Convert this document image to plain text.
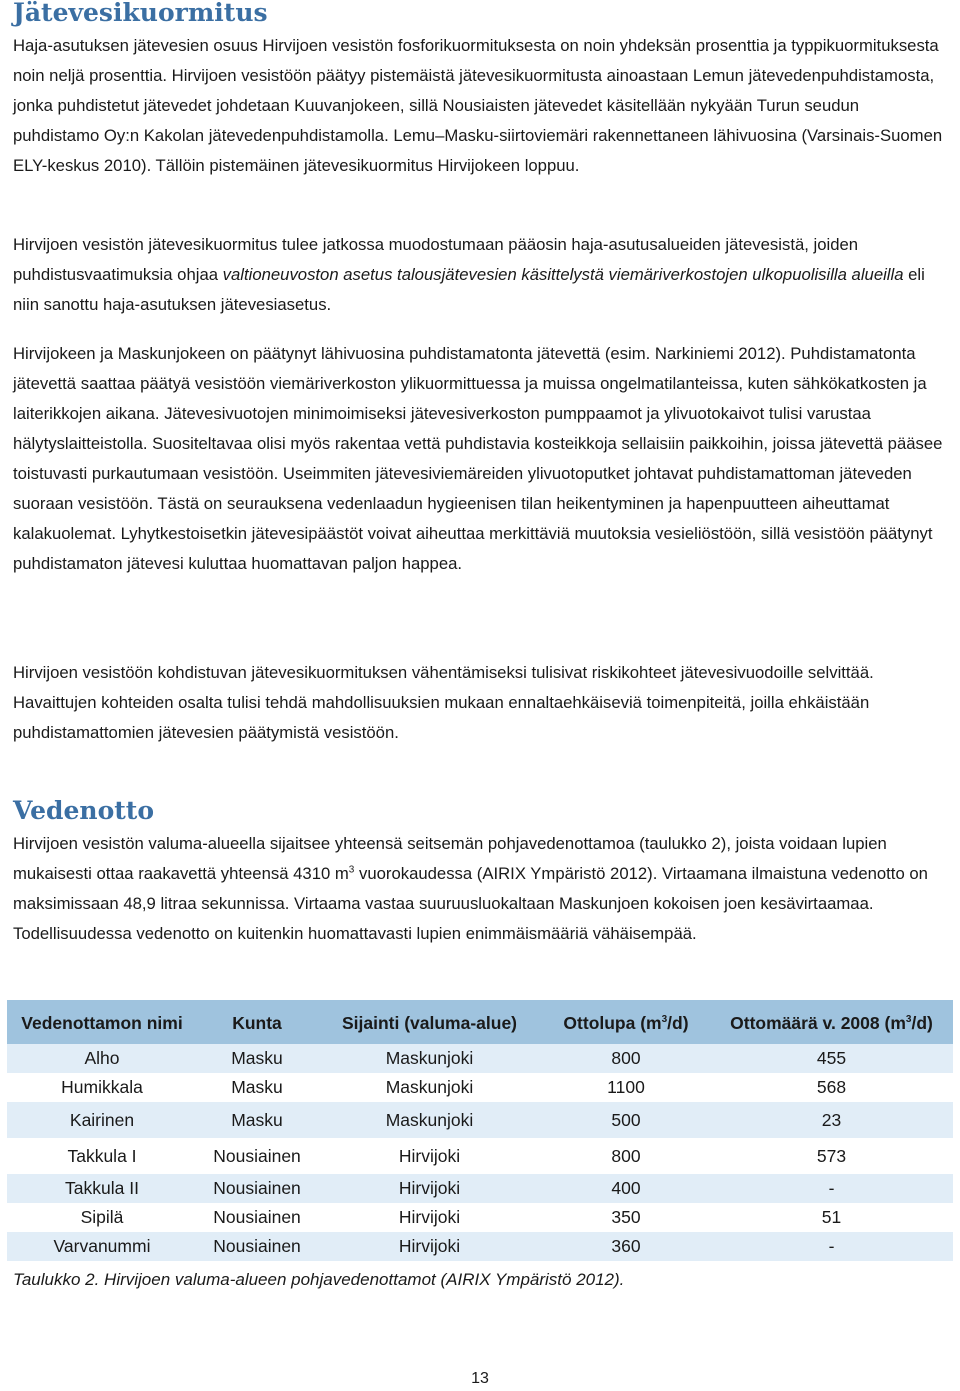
Jätevesikuormitus

Haja-asutuksen jätevesien osuus Hirvijoen vesistön fosforikuormituksesta on noin yhdeksän prosenttia ja typpikuormituksesta noin neljä prosenttia. Hirvijoen vesistöön päätyy pistemäistä jätevesikuormitusta ainoastaan Lemun jätevedenpuhdistamosta, jonka puhdistetut jätevedet johdetaan Kuuvanjokeen, sillä Nousiaisten jätevedet käsitellään nykyään Turun seudun puhdistamo Oy:n Kakolan jätevedenpuhdistamolla. Lemu–Masku-siirtoviemäri rakennettaneen lähivuosina (Varsinais-Suomen ELY-keskus 2010). Tällöin pistemäinen jätevesikuormitus Hirvijokeen loppuu.

Hirvijoen vesistön jätevesikuormitus tulee jatkossa muodostumaan pääosin haja-asutusalueiden jätevesistä, joiden puhdistusvaatimuksia ohjaa valtioneuvoston asetus talousjätevesien käsittelystä viemäriverkostojen ulkopuolisilla alueilla eli niin sanottu haja-asutuksen jätevesiasetus.

Hirvijokeen ja Maskunjokeen on päätynyt lähivuosina puhdistamatonta jätevettä (esim. Narkiniemi 2012). Puhdistamatonta jätevettä saattaa päätyä vesistöön viemäriverkoston ylikuormittuessa ja muissa ongelmatilanteissa, kuten sähkökatkosten ja laiterikkojen aikana. Jätevesivuotojen minimoimiseksi jätevesiverkoston pumppaamot ja ylivuotokaivot tulisi varustaa hälytyslaitteistolla. Suositeltavaa olisi myös rakentaa vettä puhdistavia kosteikkoja sellaisiin paikkoihin, joissa jätevettä pääsee toistuvasti purkautumaan vesistöön. Useimmiten jätevesiviemäreiden ylivuotoputket johtavat puhdistamattoman jäteveden suoraan vesistöön. Tästä on seurauksena vedenlaadun hygieenisen tilan heikentyminen ja hapenpuutteen aiheuttamat kalakuolemat. Lyhytkestoisetkin jätevesipäästöt voivat aiheuttaa merkittäviä muutoksia vesieliöstöön, sillä vesistöön päätynyt puhdistamaton jätevesi kuluttaa huomattavan paljon happea.

Hirvijoen vesistöön kohdistuvan jätevesikuormituksen vähentämiseksi tulisivat riskikohteet jätevesivuodoille selvittää. Havaittujen kohteiden osalta tulisi tehdä mahdollisuuksien mukaan ennaltaehkäiseviä toimenpiteitä, joilla ehkäistään puhdistamattomien jätevesien päätymistä vesistöön.

Vedenotto

Hirvijoen vesistön valuma-alueella sijaitsee yhteensä seitsemän pohjavedenottamoa (taulukko 2), joista voidaan lupien mukaisesti ottaa raakavettä yhteensä 4310 $m^3$ vuorokaudessa (AIRIX Ympäristö 2012). Virtaamana ilmaistuna vedenotto on maksimissaan 48,9 litraa sekunnissa. Virtaama vastaa suuruusluokaltaan Maskunjoen kokoisen joen kesävirtaamaa. Todellisuudessa vedenotto on kuitenkin huomattavasti lupien enimmäismääriä vähäisempää.

Vedenottamon nimi	Kunta	Sijainti (valuma-alue)	Ottolupa $(m^3/d)$	Ottomäärä v. 2008 $(m^3/d)$
Alho	Masku	Maskunjoki	800	455
Humikkala	Masku	Maskunjoki	1100	568
Kairinen	Masku	Maskunjoki	500	23
Takkula I	Nousiainen	Hirvijoki	800	573
Takkula II	Nousiainen	Hirvijoki	400	-
Sipilä	Nousiainen	Hirvijoki	350	51
Varvanummi	Nousiainen	Hirvijoki	360	-

Taulukko 2. Hirvijoen valuma-alueen pohjavedenottamot (AIRIX Ympäristö 2012).

13
